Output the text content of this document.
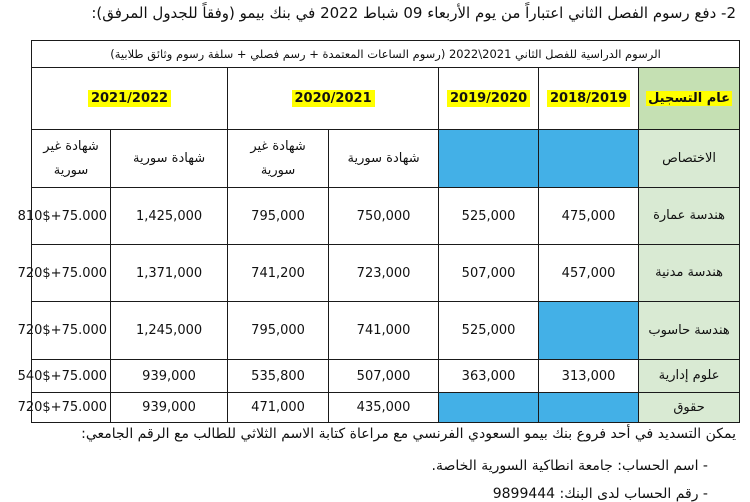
2- دفع رسوم الفصل الثاني اعتباراً من يوم الأربعاء 09 شباط 2022 في بنك بيمو (وفقاً للجدول المرفق):
الرسوم الدراسية للفصل الثاني 2021\2022 (رسوم الساعات المعتمدة + رسم فصلي + سلفة رسوم وثائق طلابية)						
عام التسجيل	2018/2019	2019/2020	2020/2021		2021/2022	
الاختصاص			شهادة سورية	شهادة غير سورية	شهادة سورية	شهادة غير سورية
هندسة عمارة	475,000	525,000	750,000	795,000	1,425,000	810$+75.000
هندسة مدنية	457,000	507,000	723,000	741,200	1,371,000	720$+75.000
هندسة حاسوب		525,000	741,000	795,000	1,245,000	720$+75.000
علوم إدارية	313,000	363,000	507,000	535,800	939,000	540$+75.000
حقوق			435,000	471,000	939,000	720$+75.000
يمكن التسديد في أحد فروع بنك بيمو السعودي الفرنسي مع مراعاة كتابة الاسم الثلاثي للطالب مع الرقم الجامعي:
- اسم الحساب: جامعة انطاكية السورية الخاصة.
- رقم الحساب لدى البنك: 9899444
